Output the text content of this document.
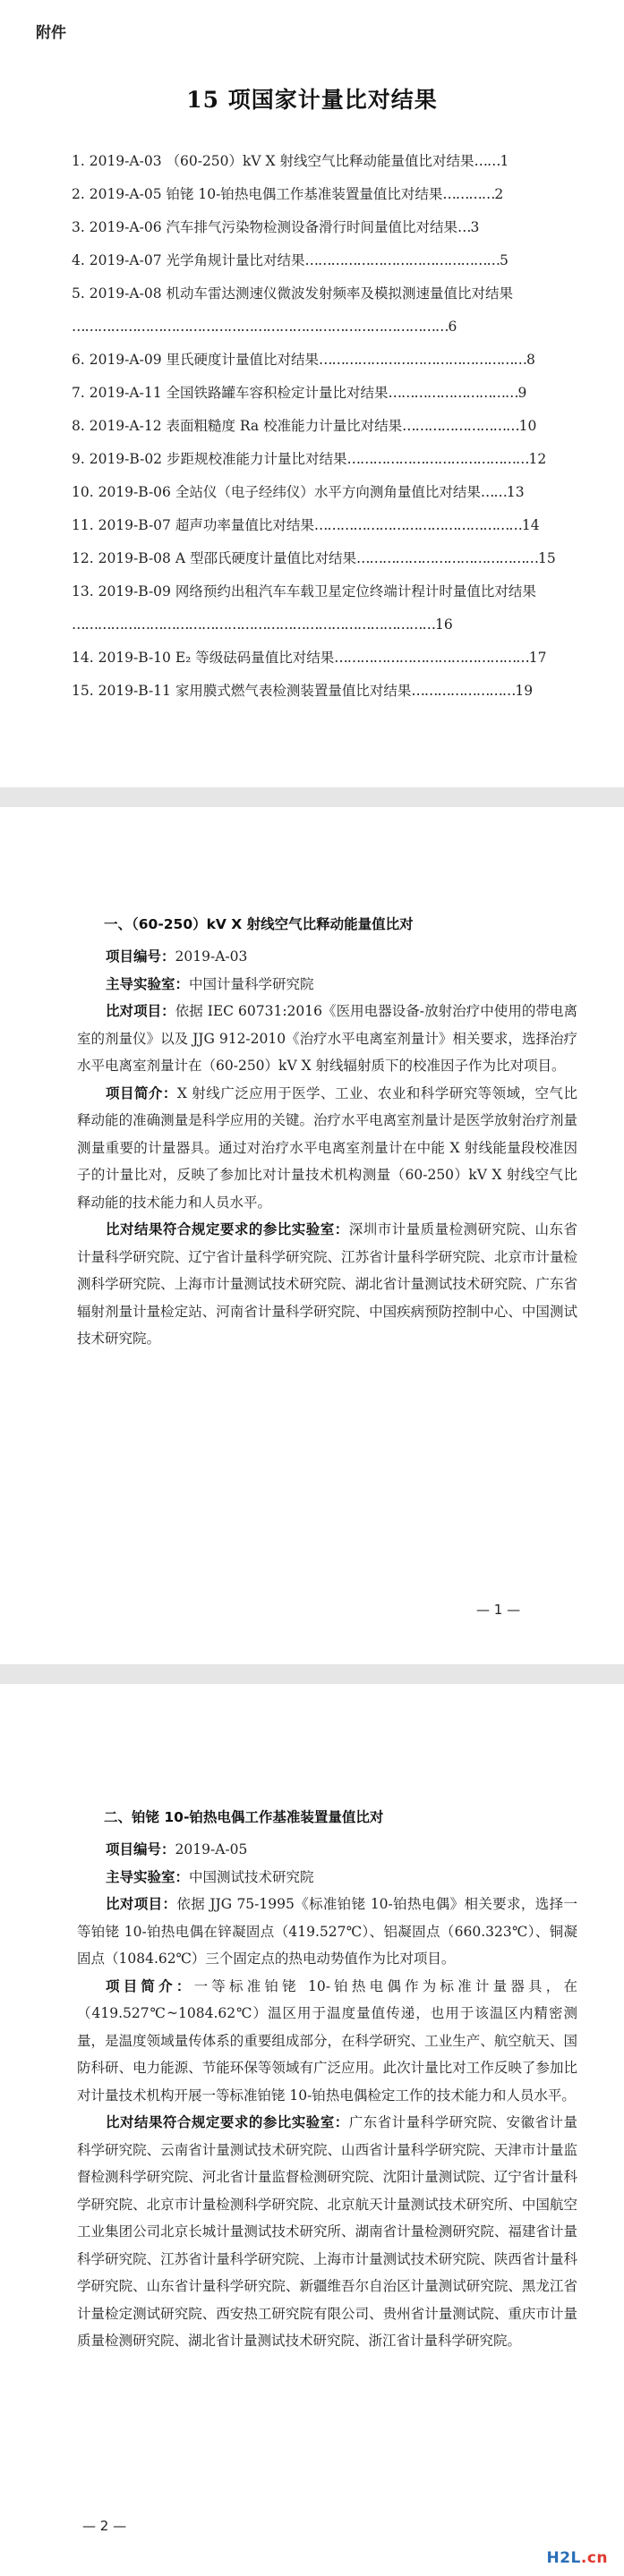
附件
15 项国家计量比对结果
1. 2019-A-03 （60-250）kV X 射线空气比释动能量值比对结果……1
2. 2019-A-05 铂铑 10-铂热电偶工作基准装置量值比对结果…………2
3. 2019-A-06 汽车排气污染物检测设备滑行时间量值比对结果…3
4. 2019-A-07 光学角规计量比对结果………………………………………5
5. 2019-A-08 机动车雷达测速仪微波发射频率及模拟测速量值比对结果
……………………………………………………………………………6
6. 2019-A-09 里氏硬度计量值比对结果…………………………………………8
7. 2019-A-11 全国铁路罐车容积检定计量比对结果…………………………9
8. 2019-A-12 表面粗糙度 Ra 校准能力计量比对结果………………………10
9. 2019-B-02 步距规校准能力计量比对结果……………………………………12
10. 2019-B-06 全站仪（电子经纬仪）水平方向测角量值比对结果……13
11. 2019-B-07 超声功率量值比对结果…………………………………………14
12. 2019-B-08 A 型邵氏硬度计量值比对结果……………………………………15
13. 2019-B-09 网络预约出租汽车车载卫星定位终端计程计时量值比对结果
…………………………………………………………………………16
14. 2019-B-10 E₂ 等级砝码量值比对结果………………………………………17
15. 2019-B-11 家用膜式燃气表检测装置量值比对结果……………………19
一、（60-250）kV X 射线空气比释动能量值比对

项目编号：2019-A-03

主导实验室：中国计量科学研究院

比对项目：依据 IEC 60731:2016《医用电器设备-放射治疗中使用的带电离室的剂量仪》以及 JJG 912-2010《治疗水平电离室剂量计》相关要求，选择治疗水平电离室剂量计在（60-250）kV X 射线辐射质下的校准因子作为比对项目。

项目简介：X 射线广泛应用于医学、工业、农业和科学研究等领域，空气比释动能的准确测量是科学应用的关键。治疗水平电离室剂量计是医学放射治疗剂量测量重要的计量器具。通过对治疗水平电离室剂量计在中能 X 射线能量段校准因子的计量比对，反映了参加比对计量技术机构测量（60-250）kV X 射线空气比释动能的技术能力和人员水平。

比对结果符合规定要求的参比实验室：深圳市计量质量检测研究院、山东省计量科学研究院、辽宁省计量科学研究院、江苏省计量科学研究院、北京市计量检测科学研究院、上海市计量测试技术研究院、湖北省计量测试技术研究院、广东省辐射剂量计量检定站、河南省计量科学研究院、中国疾病预防控制中心、中国测试技术研究院。

— 1 —
二、铂铑 10-铂热电偶工作基准装置量值比对

项目编号：2019-A-05

主导实验室：中国测试技术研究院

比对项目：依据 JJG 75-1995《标准铂铑 10-铂热电偶》相关要求，选择一等铂铑 10-铂热电偶在锌凝固点（419.527℃）、铝凝固点（660.323℃）、铜凝固点（1084.62℃）三个固定点的热电动势值作为比对项目。

项目简介：一等标准铂铑 10-铂热电偶作为标准计量器具，在（419.527℃~1084.62℃）温区用于温度量值传递，也用于该温区内精密测量，是温度领域量传体系的重要组成部分，在科学研究、工业生产、航空航天、国防科研、电力能源、节能环保等领域有广泛应用。此次计量比对工作反映了参加比对计量技术机构开展一等标准铂铑 10-铂热电偶检定工作的技术能力和人员水平。

比对结果符合规定要求的参比实验室：广东省计量科学研究院、安徽省计量科学研究院、云南省计量测试技术研究院、山西省计量科学研究院、天津市计量监督检测科学研究院、河北省计量监督检测研究院、沈阳计量测试院、辽宁省计量科学研究院、北京市计量检测科学研究院、北京航天计量测试技术研究所、中国航空工业集团公司北京长城计量测试技术研究所、湖南省计量检测研究院、福建省计量科学研究院、江苏省计量科学研究院、上海市计量测试技术研究院、陕西省计量科学研究院、山东省计量科学研究院、新疆维吾尔自治区计量测试研究院、黑龙江省计量检定测试研究院、西安热工研究院有限公司、贵州省计量测试院、重庆市计量质量检测研究院、湖北省计量测试技术研究院、浙江省计量科学研究院。

— 2 —
H2L.cn
